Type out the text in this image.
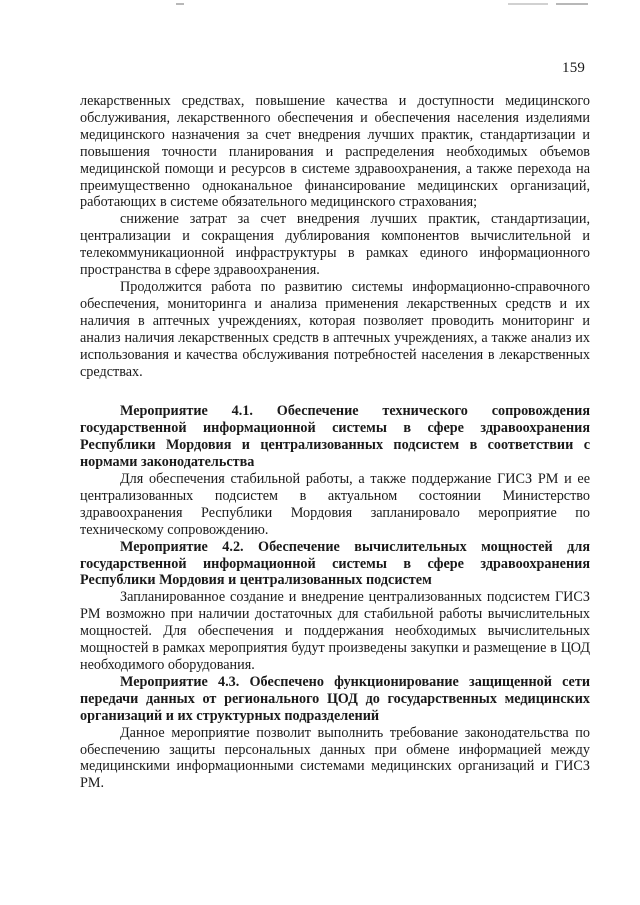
159

лекарственных средствах, повышение качества и доступности медицинского обслуживания, лекарственного обеспечения и обеспечения населения изделиями медицинского назначения за счет внедрения лучших практик, стандартизации и повышения точности планирования и распределения необходимых объемов медицинской помощи и ресурсов в системе здравоохранения, а также перехода на преимущественно одноканальное финансирование медицинских организаций, работающих в системе обязательного медицинского страхования;

снижение затрат за счет внедрения лучших практик, стандартизации, централизации и сокращения дублирования компонентов вычислительной и телекоммуникационной инфраструктуры в рамках единого информационного пространства в сфере здравоохранения.

Продолжится работа по развитию системы информационно-справочного обеспечения, мониторинга и анализа применения лекарственных средств и их наличия в аптечных учреждениях, которая позволяет проводить мониторинг и анализ наличия лекарственных средств в аптечных учреждениях, а также анализ их использования и качества обслуживания потребностей населения в лекарственных средствах.

Мероприятие 4.1. Обеспечение технического сопровождения государственной информационной системы в сфере здравоохранения Республики Мордовия и централизованных подсистем в соответствии с нормами законодательства

Для обеспечения стабильной работы, а также поддержание ГИСЗ РМ и ее централизованных подсистем в актуальном состоянии Министерство здравоохранения Республики Мордовия запланировало мероприятие по техническому сопровождению.

Мероприятие 4.2. Обеспечение вычислительных мощностей для государственной информационной системы в сфере здравоохранения Республики Мордовия и централизованных подсистем

Запланированное создание и внедрение централизованных подсистем ГИСЗ РМ возможно при наличии достаточных для стабильной работы вычислительных мощностей. Для обеспечения и поддержания необходимых вычислительных мощностей в рамках мероприятия будут произведены закупки и размещение в ЦОД необходимого оборудования.

Мероприятие 4.3. Обеспечено функционирование защищенной сети передачи данных от регионального ЦОД до государственных медицинских организаций и их структурных подразделений

Данное мероприятие позволит выполнить требование законодательства по обеспечению защиты персональных данных при обмене информацией между медицинскими информационными системами медицинских организаций и ГИСЗ РМ.
